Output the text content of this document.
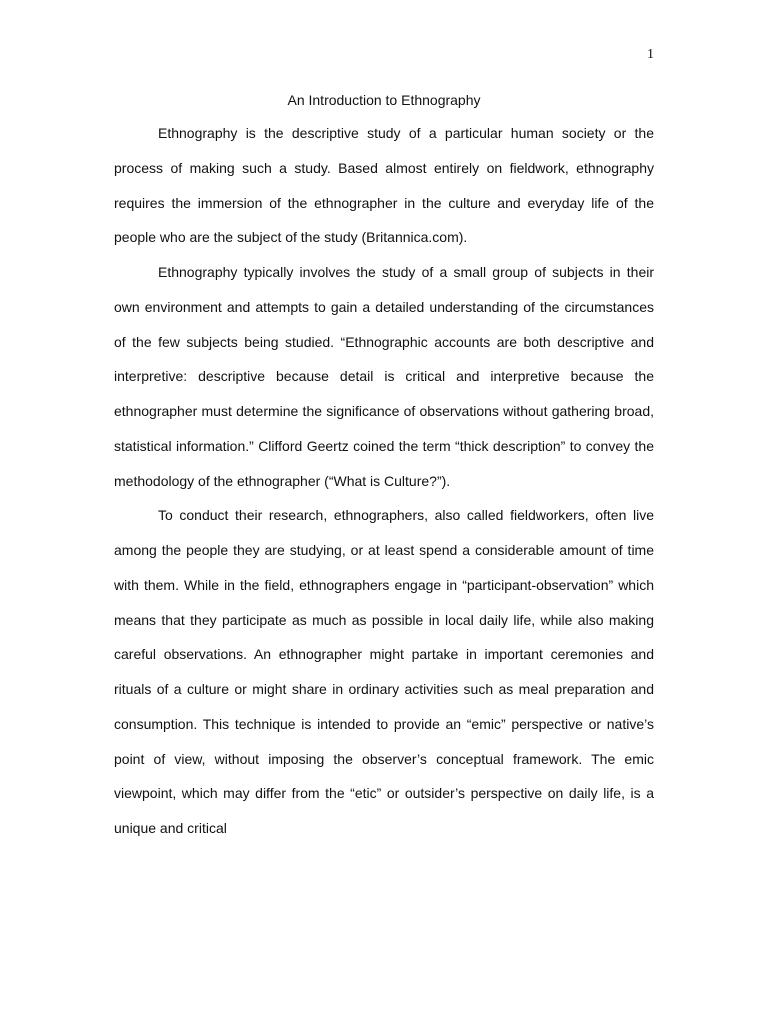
1
An Introduction to Ethnography

Ethnography is the descriptive study of a particular human society or the process of making such a study. Based almost entirely on fieldwork, ethnography requires the immersion of the ethnographer in the culture and everyday life of the people who are the subject of the study (Britannica.com).

Ethnography typically involves the study of a small group of subjects in their own environment and attempts to gain a detailed understanding of the circumstances of the few subjects being studied. “Ethnographic accounts are both descriptive and interpretive: descriptive because detail is critical and interpretive because the ethnographer must determine the significance of observations without gathering broad, statistical information.” Clifford Geertz coined the term “thick description” to convey the methodology of the ethnographer (“What is Culture?”).

To conduct their research, ethnographers, also called fieldworkers, often live among the people they are studying, or at least spend a considerable amount of time with them. While in the field, ethnographers engage in “participant-observation” which means that they participate as much as possible in local daily life, while also making careful observations. An ethnographer might partake in important ceremonies and rituals of a culture or might share in ordinary activities such as meal preparation and consumption. This technique is intended to provide an “emic” perspective or native’s point of view, without imposing the observer’s conceptual framework. The emic viewpoint, which may differ from the “etic” or outsider’s perspective on daily life, is a unique and critical
